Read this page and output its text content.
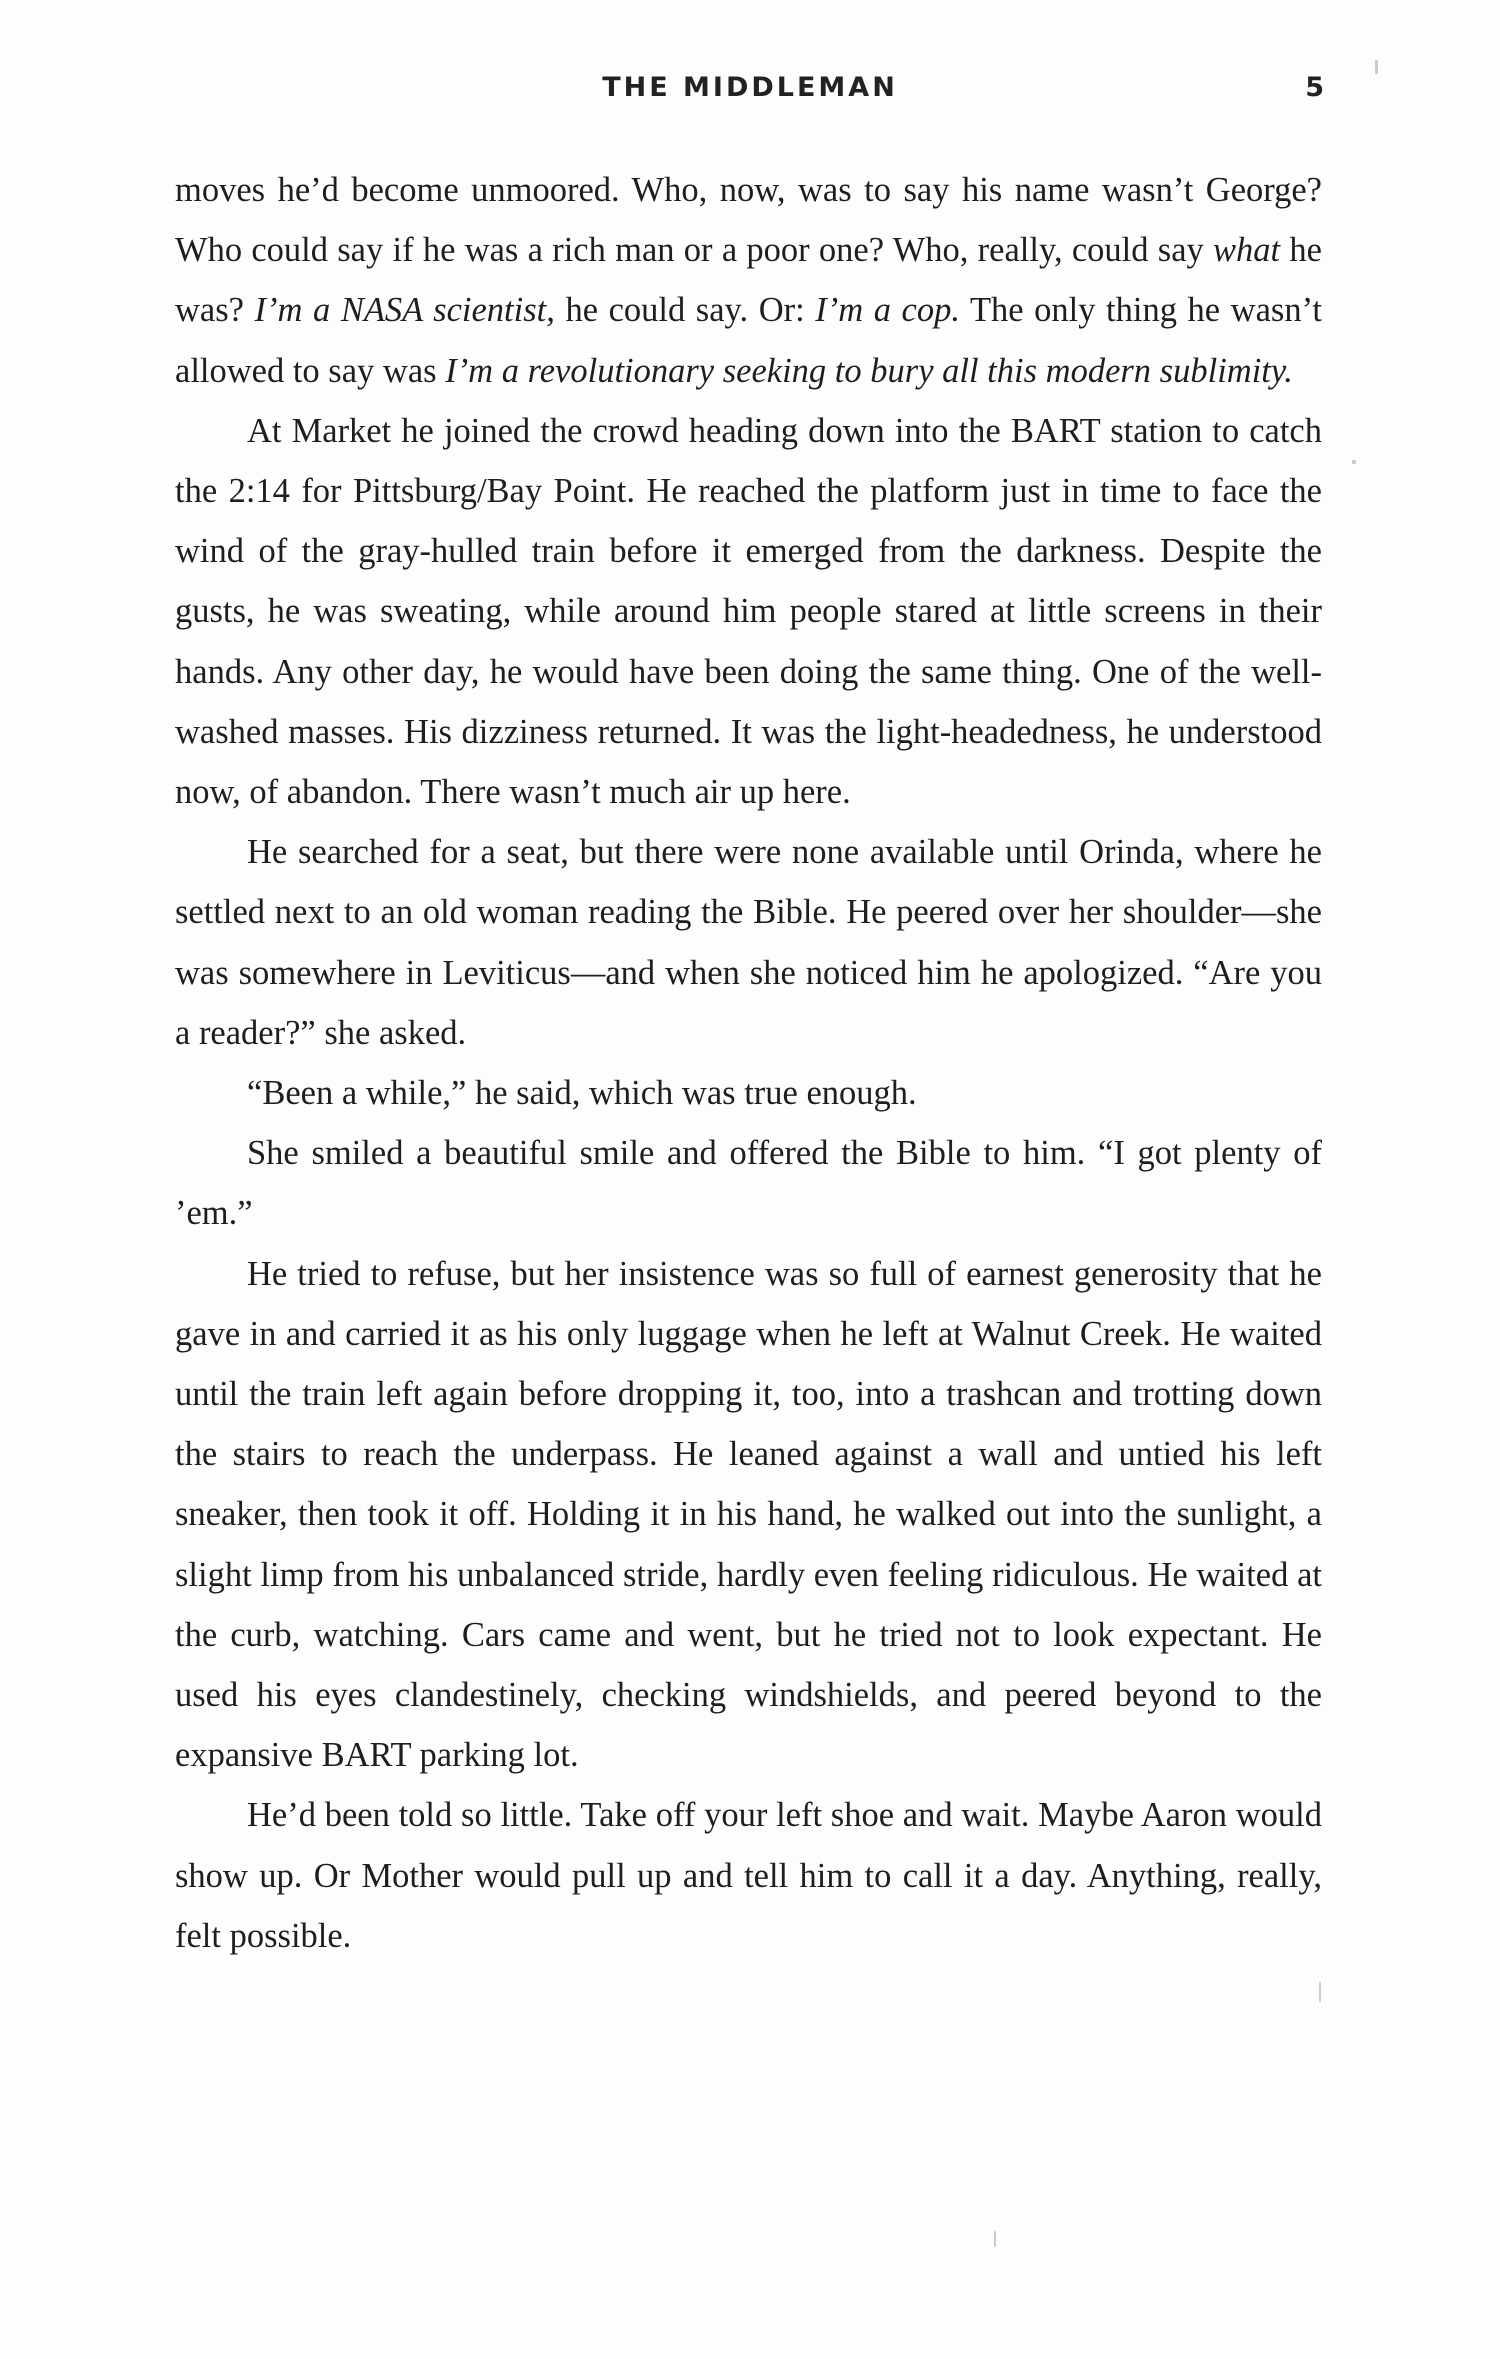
THE MIDDLEMAN	5

moves he’d become unmoored. Who, now, was to say his name wasn’t George? Who could say if he was a rich man or a poor one? Who, really, could say what he was? I’m a NASA scientist, he could say. Or: I’m a cop. The only thing he wasn’t allowed to say was I’m a revolutionary seeking to bury all this modern sublimity.

At Market he joined the crowd heading down into the BART station to catch the 2:14 for Pittsburg/Bay Point. He reached the platform just in time to face the wind of the gray-hulled train before it emerged from the darkness. Despite the gusts, he was sweating, while around him people stared at little screens in their hands. Any other day, he would have been doing the same thing. One of the well-washed masses. His dizziness returned. It was the light-headedness, he understood now, of abandon. There wasn’t much air up here.

He searched for a seat, but there were none available until Orinda, where he settled next to an old woman reading the Bible. He peered over her shoulder—she was somewhere in Leviticus—and when she noticed him he apologized. “Are you a reader?” she asked.

“Been a while,” he said, which was true enough.

She smiled a beautiful smile and offered the Bible to him. “I got plenty of ’em.”

He tried to refuse, but her insistence was so full of earnest generosity that he gave in and carried it as his only luggage when he left at Walnut Creek. He waited until the train left again before dropping it, too, into a trashcan and trotting down the stairs to reach the underpass. He leaned against a wall and untied his left sneaker, then took it off. Holding it in his hand, he walked out into the sunlight, a slight limp from his unbalanced stride, hardly even feeling ridiculous. He waited at the curb, watching. Cars came and went, but he tried not to look expectant. He used his eyes clandestinely, checking windshields, and peered beyond to the expansive BART parking lot.

He’d been told so little. Take off your left shoe and wait. Maybe Aaron would show up. Or Mother would pull up and tell him to call it a day. Anything, really, felt possible.
